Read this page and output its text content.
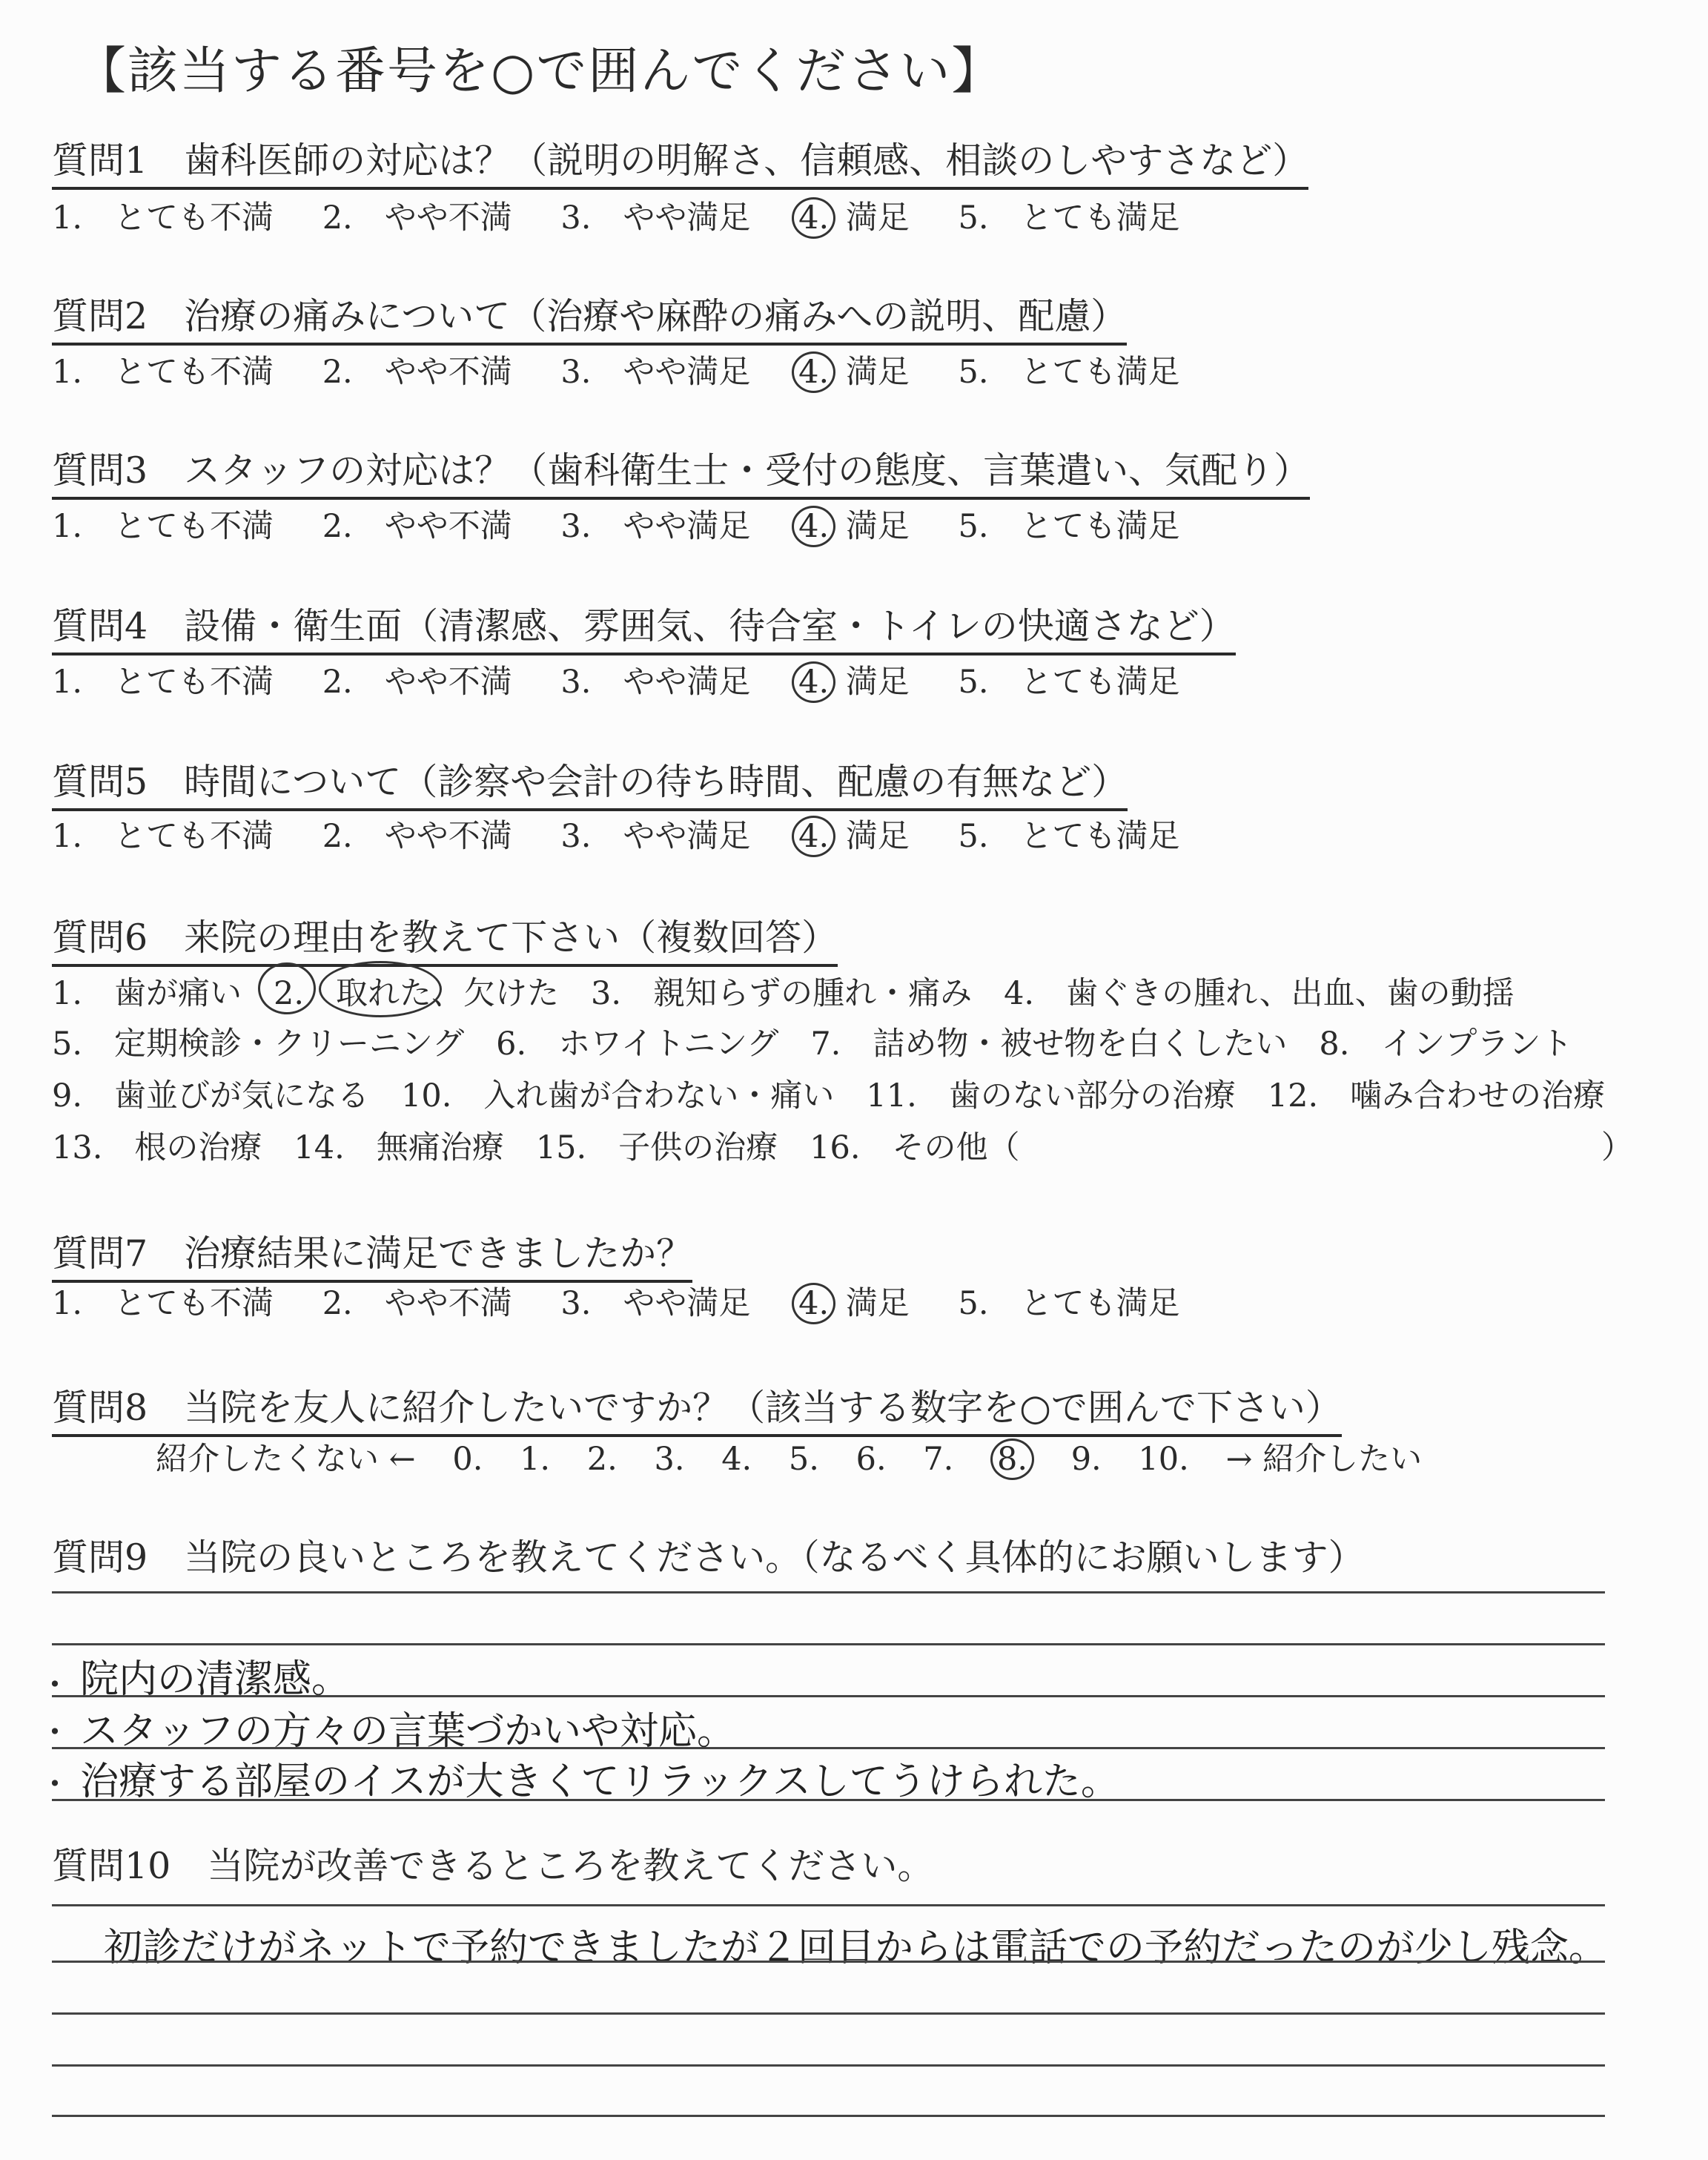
【該当する番号を○で囲んでください】
質問1　歯科医師の対応は？（説明の明解さ、信頼感、相談のしやすさなど）
1.　とても不満 2.　やや不満 3.　やや満足 4. 満足 5.　とても満足
質問2　治療の痛みについて（治療や麻酔の痛みへの説明、配慮）
1.　とても不満 2.　やや不満 3.　やや満足 4. 満足 5.　とても満足
質問3　スタッフの対応は？（歯科衛生士・受付の態度、言葉遣い、気配り）
1.　とても不満 2.　やや不満 3.　やや満足 4. 満足 5.　とても満足
質問4　設備・衛生面（清潔感、雰囲気、待合室・トイレの快適さなど）
1.　とても不満 2.　やや不満 3.　やや満足 4. 満足 5.　とても満足
質問5　時間について（診察や会計の待ち時間、配慮の有無など）
1.　とても不満 2.　やや不満 3.　やや満足 4. 満足 5.　とても満足
質問6　来院の理由を教えて下さい（複数回答）
1.　歯が痛い　2.　取れた、欠けた　3.　親知らずの腫れ・痛み　4.　歯ぐきの腫れ、出血、歯の動揺
5.　定期検診・クリーニング　6.　ホワイトニング　7.　詰め物・被せ物を白くしたい　8.　インプラント
9.　歯並びが気になる　10.　入れ歯が合わない・痛い　11.　歯のない部分の治療　12.　噛み合わせの治療
13.　根の治療　14.　無痛治療　15.　子供の治療　16.　その他（	）
質問7　治療結果に満足できましたか？
1.　とても不満 2.　やや不満 3.　やや満足 4. 満足 5.　とても満足
質問8　当院を友人に紹介したいですか？（該当する数字を○で囲んで下さい）
紹介したくない ← 0. 1. 2. 3. 4. 5. 6. 7. 8. 9. 10. → 紹介したい
質問9　当院の良いところを教えてください。（なるべく具体的にお願いします）
・ 院内の清潔感。
・ スタッフの方々の言葉づかいや対応。
・ 治療する部屋のイスが大きくてリラックスしてうけられた。
質問10　当院が改善できるところを教えてください。
初診だけがネットで予約できましたが２回目からは電話での予約だったのが少し残念。
